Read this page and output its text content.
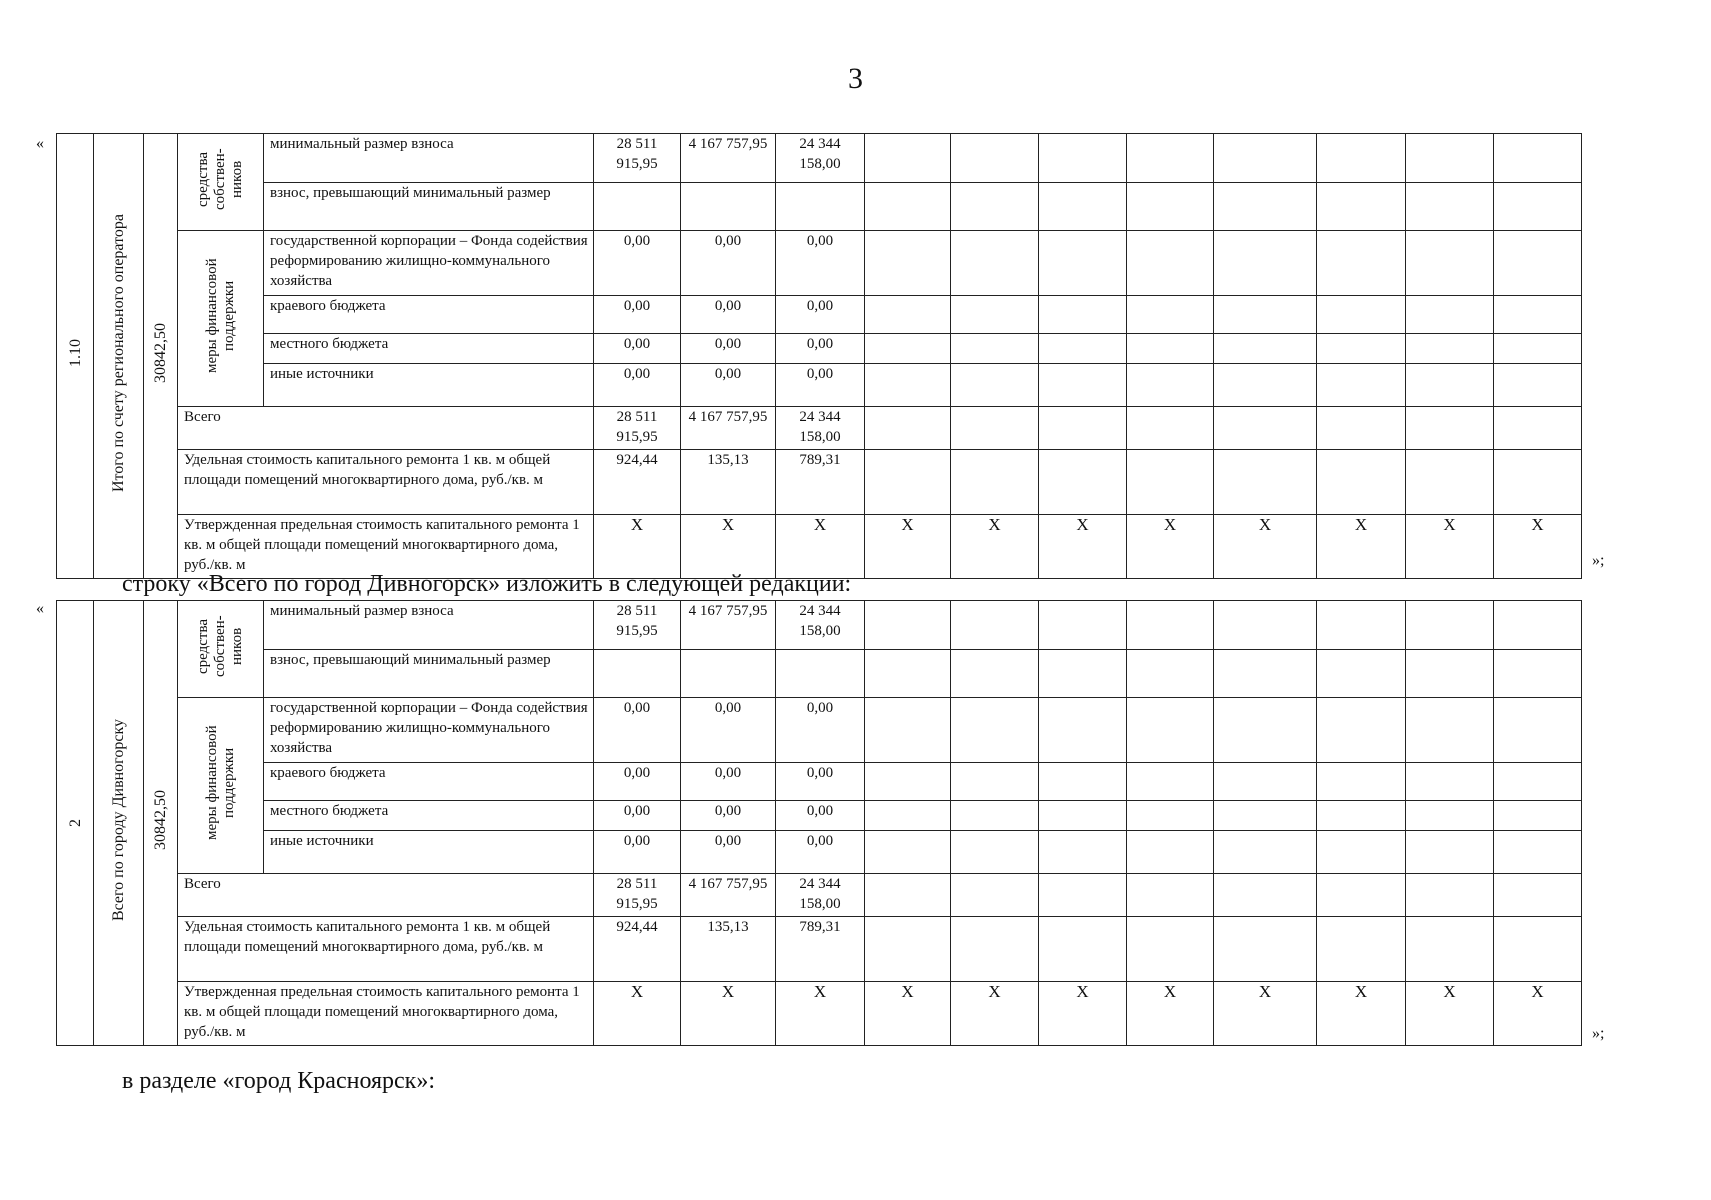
3
«
»;
1.10	Итого по счету регионального оператора	30842,50	средства собствен-ников	минимальный размер взноса	28 511 915,95	4 167 757,95	24 344 158,00								
				взнос, превышающий минимальный размер											
			меры финансовой поддержки	государственной корпорации – Фонда содействия реформированию жилищно-коммунального хозяйства	0,00	0,00	0,00								
				краевого бюджета	0,00	0,00	0,00								
				местного бюджета	0,00	0,00	0,00								
				иные источники	0,00	0,00	0,00								
			Всего		28 511 915,95	4 167 757,95	24 344 158,00								
			Удельная стоимость капитального ремонта 1 кв. м общей площади помещений многоквартирного дома, руб./кв. м		924,44	135,13	789,31								
			Утвержденная предельная стоимость капитального ремонта 1 кв. м общей площади помещений многоквартирного дома, руб./кв. м		X	X	X	X	X	X	X	X	X	X	X
строку «Всего по город Дивногорск» изложить в следующей редакции:
«
»;
2	Всего по городу Дивногорску	30842,50	средства собствен-ников	минимальный размер взноса	28 511 915,95	4 167 757,95	24 344 158,00								
				взнос, превышающий минимальный размер											
			меры финансовой поддержки	государственной корпорации – Фонда содействия реформированию жилищно-коммунального хозяйства	0,00	0,00	0,00								
				краевого бюджета	0,00	0,00	0,00								
				местного бюджета	0,00	0,00	0,00								
				иные источники	0,00	0,00	0,00								
			Всего		28 511 915,95	4 167 757,95	24 344 158,00								
			Удельная стоимость капитального ремонта 1 кв. м общей площади помещений многоквартирного дома, руб./кв. м		924,44	135,13	789,31								
			Утвержденная предельная стоимость капитального ремонта 1 кв. м общей площади помещений многоквартирного дома, руб./кв. м		X	X	X	X	X	X	X	X	X	X	X
в разделе «город Красноярск»:
